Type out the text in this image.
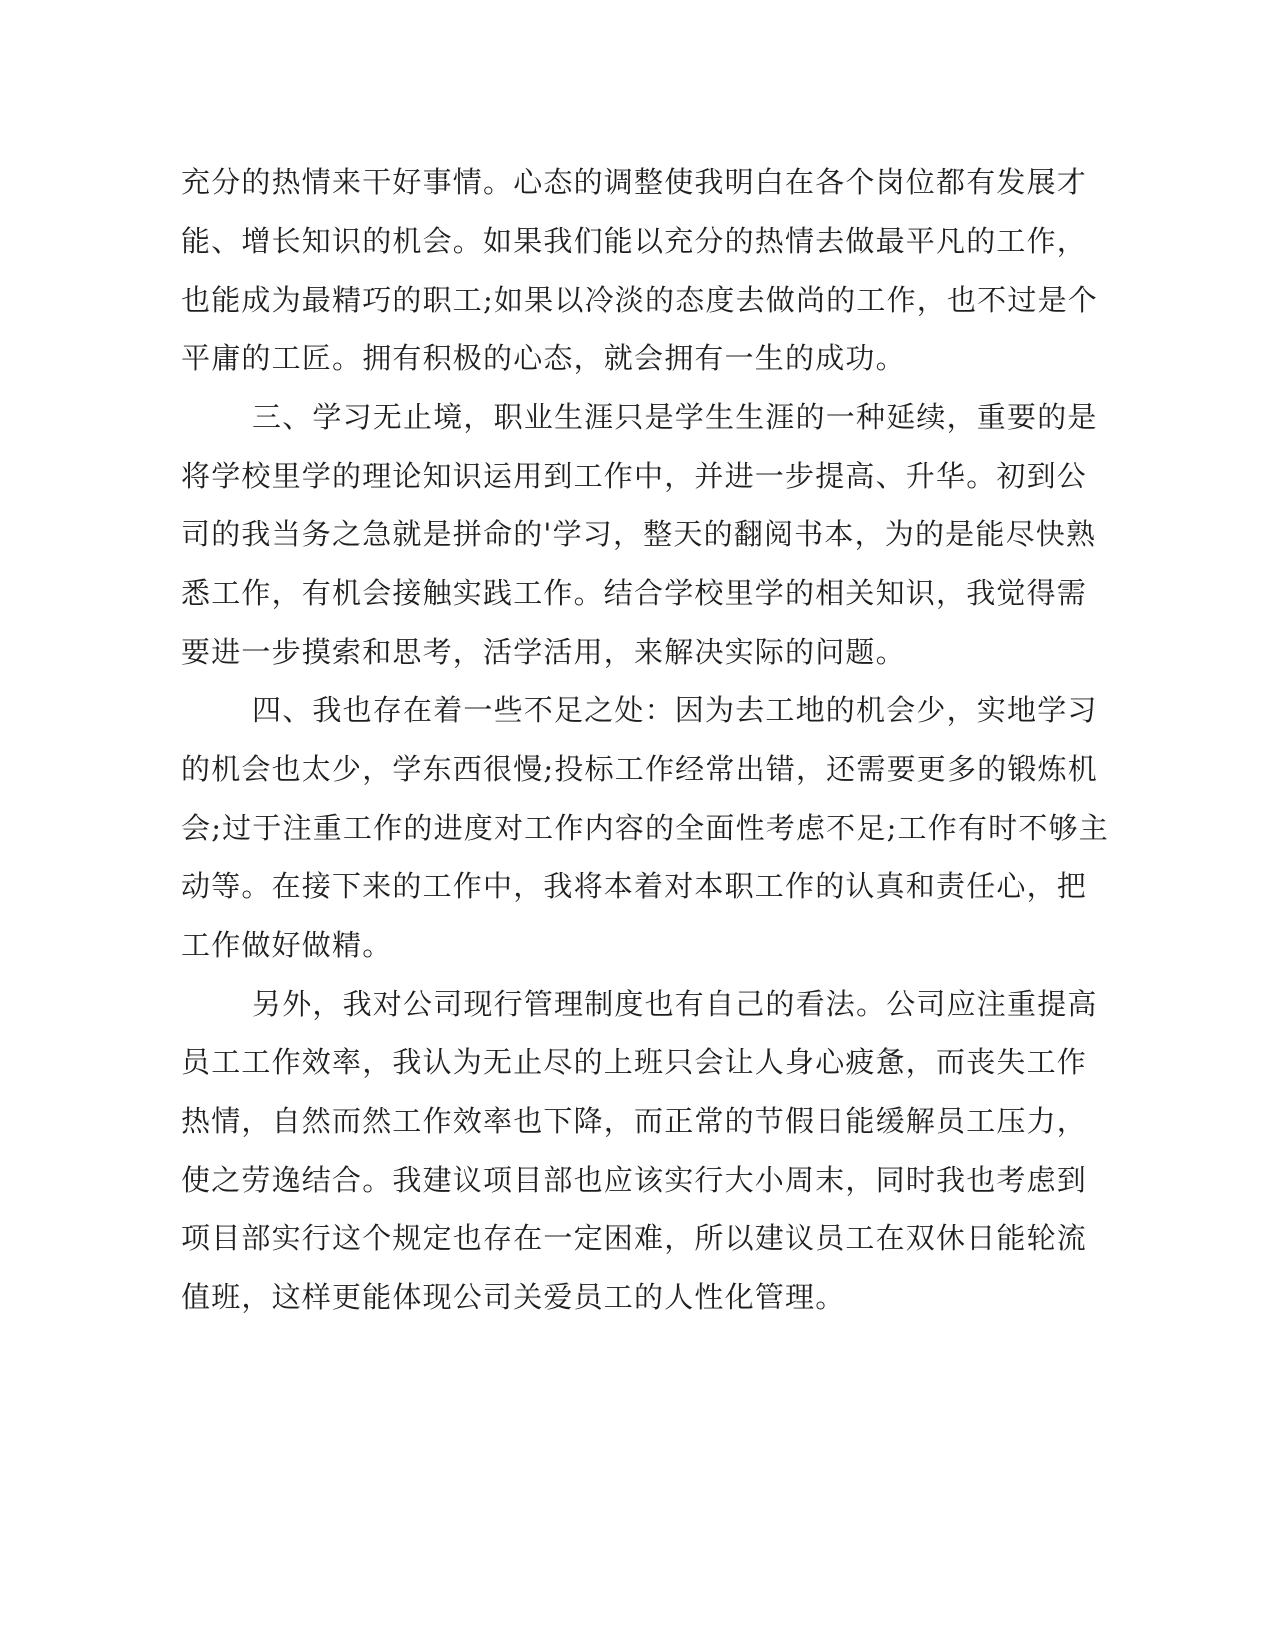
充分的热情来干好事情。心态的调整使我明白在各个岗位都有发展才
能、增长知识的机会。如果我们能以充分的热情去做最平凡的工作，
也能成为最精巧的职工;如果以冷淡的态度去做尚的工作，也不过是个
平庸的工匠。拥有积极的心态，就会拥有一生的成功。
三、学习无止境，职业生涯只是学生生涯的一种延续，重要的是
将学校里学的理论知识运用到工作中，并进一步提高、升华。初到公
司的我当务之急就是拼命的'学习，整天的翻阅书本，为的是能尽快熟
悉工作，有机会接触实践工作。结合学校里学的相关知识，我觉得需
要进一步摸索和思考，活学活用，来解决实际的问题。
四、我也存在着一些不足之处：因为去工地的机会少，实地学习
的机会也太少，学东西很慢;投标工作经常出错，还需要更多的锻炼机
会;过于注重工作的进度对工作内容的全面性考虑不足;工作有时不够主
动等。在接下来的工作中，我将本着对本职工作的认真和责任心，把
工作做好做精。
另外，我对公司现行管理制度也有自己的看法。公司应注重提高
员工工作效率，我认为无止尽的上班只会让人身心疲惫，而丧失工作
热情，自然而然工作效率也下降，而正常的节假日能缓解员工压力，
使之劳逸结合。我建议项目部也应该实行大小周末，同时我也考虑到
项目部实行这个规定也存在一定困难，所以建议员工在双休日能轮流
值班，这样更能体现公司关爱员工的人性化管理。
